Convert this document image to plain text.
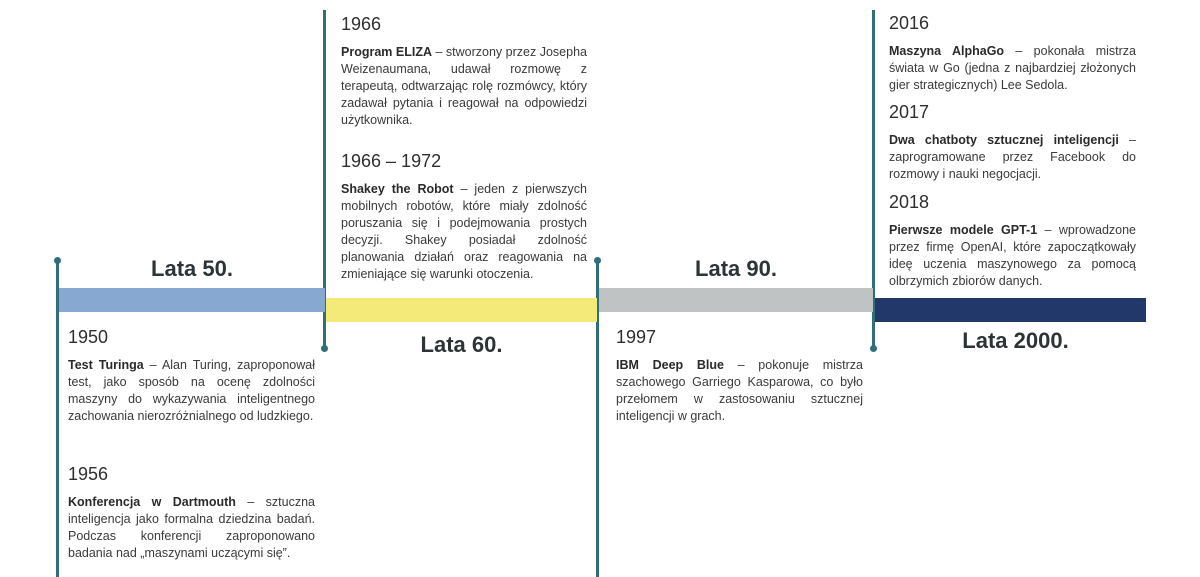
Lata 50.
Lata 60.
Lata 90.
Lata 2000.
1950
Test Turinga – Alan Turing, zaproponował test, jako sposób na ocenę zdolności maszyny do wykazywania inteligentnego zachowania nierozróżnialnego od ludzkiego.
1956
Konferencja w Dartmouth – sztuczna inteligencja jako formalna dziedzina badań. Podczas konferencji zaproponowano badania nad „maszynami uczącymi się”.
1966
Program ELIZA – stworzony przez Josepha Weizenaumana, udawał rozmowę z terapeutą, odtwarzając rolę rozmówcy, który zadawał pytania i reagował na odpowiedzi użytkownika.
1966 – 1972
Shakey the Robot – jeden z pierwszych mobilnych robotów, które miały zdolność poruszania się i podejmowania prostych decyzji. Shakey posiadał zdolność planowania działań oraz reagowania na zmieniające się warunki otoczenia.
1997
IBM Deep Blue – pokonuje mistrza szachowego Garriego Kasparowa, co było przełomem w zastosowaniu sztucznej inteligencji w grach.
2016
Maszyna AlphaGo – pokonała mistrza świata w Go (jedna z najbardziej złożonych gier strategicznych) Lee Sedola.
2017
Dwa chatboty sztucznej inteligencji – zaprogramowane przez Facebook do rozmowy i nauki negocjacji.
2018
Pierwsze modele GPT-1 – wprowadzone przez firmę OpenAI, które zapoczątkowały ideę uczenia maszynowego za pomocą olbrzymich zbiorów danych.
